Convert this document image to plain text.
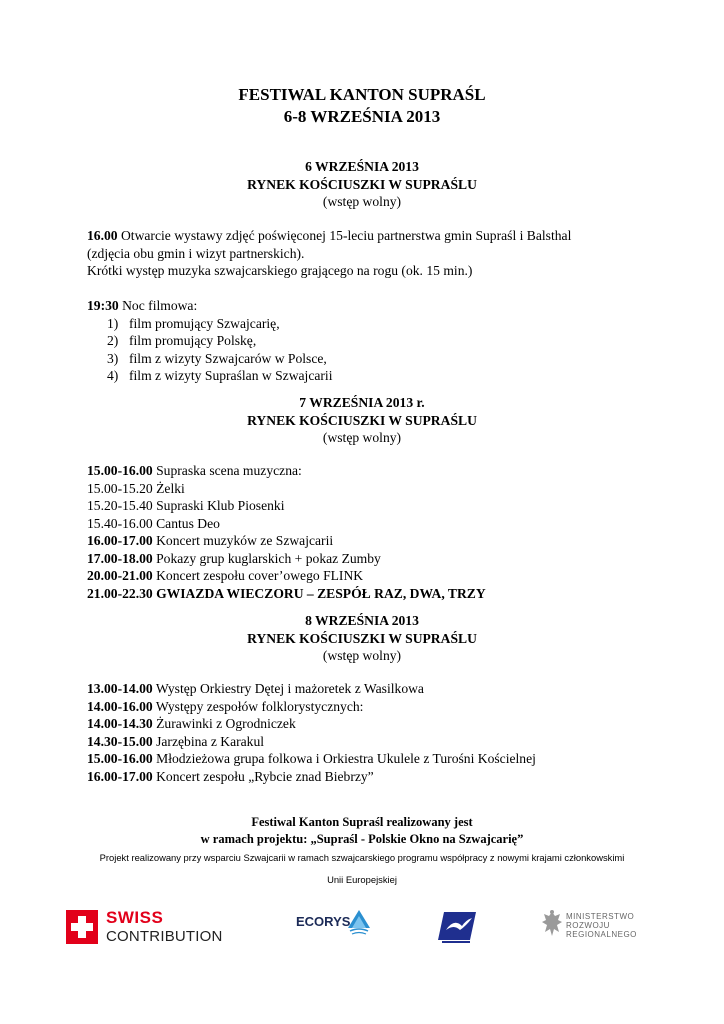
FESTIWAL KANTON SUPRAŚL
6-8 WRZEŚNIA 2013
6 WRZEŚNIA 2013
RYNEK KOŚCIUSZKI W SUPRAŚLU
(wstęp wolny)
16.00 Otwarcie wystawy zdjęć poświęconej 15-leciu partnerstwa gmin Supraśl i Balsthal
(zdjęcia obu gmin i wizyt partnerskich).
Krótki występ muzyka szwajcarskiego grającego na rogu (ok. 15 min.)
19:30 Noc filmowa:
1) film promujący Szwajcarię,
2) film promujący Polskę,
3) film z wizyty Szwajcarów w Polsce,
4) film z wizyty Supraślan w Szwajcarii
7 WRZEŚNIA 2013 r.
RYNEK KOŚCIUSZKI W SUPRAŚLU
(wstęp wolny)
15.00-16.00 Supraska scena muzyczna:
15.00-15.20 Żelki
15.20-15.40 Supraski Klub Piosenki
15.40-16.00 Cantus Deo
16.00-17.00 Koncert muzyków ze Szwajcarii
17.00-18.00 Pokazy grup kuglarskich + pokaz Zumby
20.00-21.00 Koncert zespołu cover’owego FLINK
21.00-22.30 GWIAZDA WIECZORU – ZESPÓŁ RAZ, DWA, TRZY
8 WRZEŚNIA 2013
RYNEK KOŚCIUSZKI W SUPRAŚLU
(wstęp wolny)
13.00-14.00 Występ Orkiestry Dętej i mażoretek z Wasilkowa
14.00-16.00 Występy zespołów folklorystycznych:
14.00-14.30 Żurawinki z Ogrodniczek
14.30-15.00 Jarzębina z Karakul
15.00-16.00 Młodzieżowa grupa folkowa i Orkiestra Ukulele z Turośni Kościelnej
16.00-17.00 Koncert zespołu „Rybcie znad Biebrzy”
Festiwal Kanton Supraśl realizowany jest
w ramach projektu: „Supraśl - Polskie Okno na Szwajcarię”
Projekt realizowany przy wsparciu Szwajcarii w ramach szwajcarskiego programu współpracy z nowymi krajami członkowskimi
Unii Europejskiej
SWISS
CONTRIBUTION
ECORYS	MINISTERSTWO
ROZWOJU
REGIONALNEGO
